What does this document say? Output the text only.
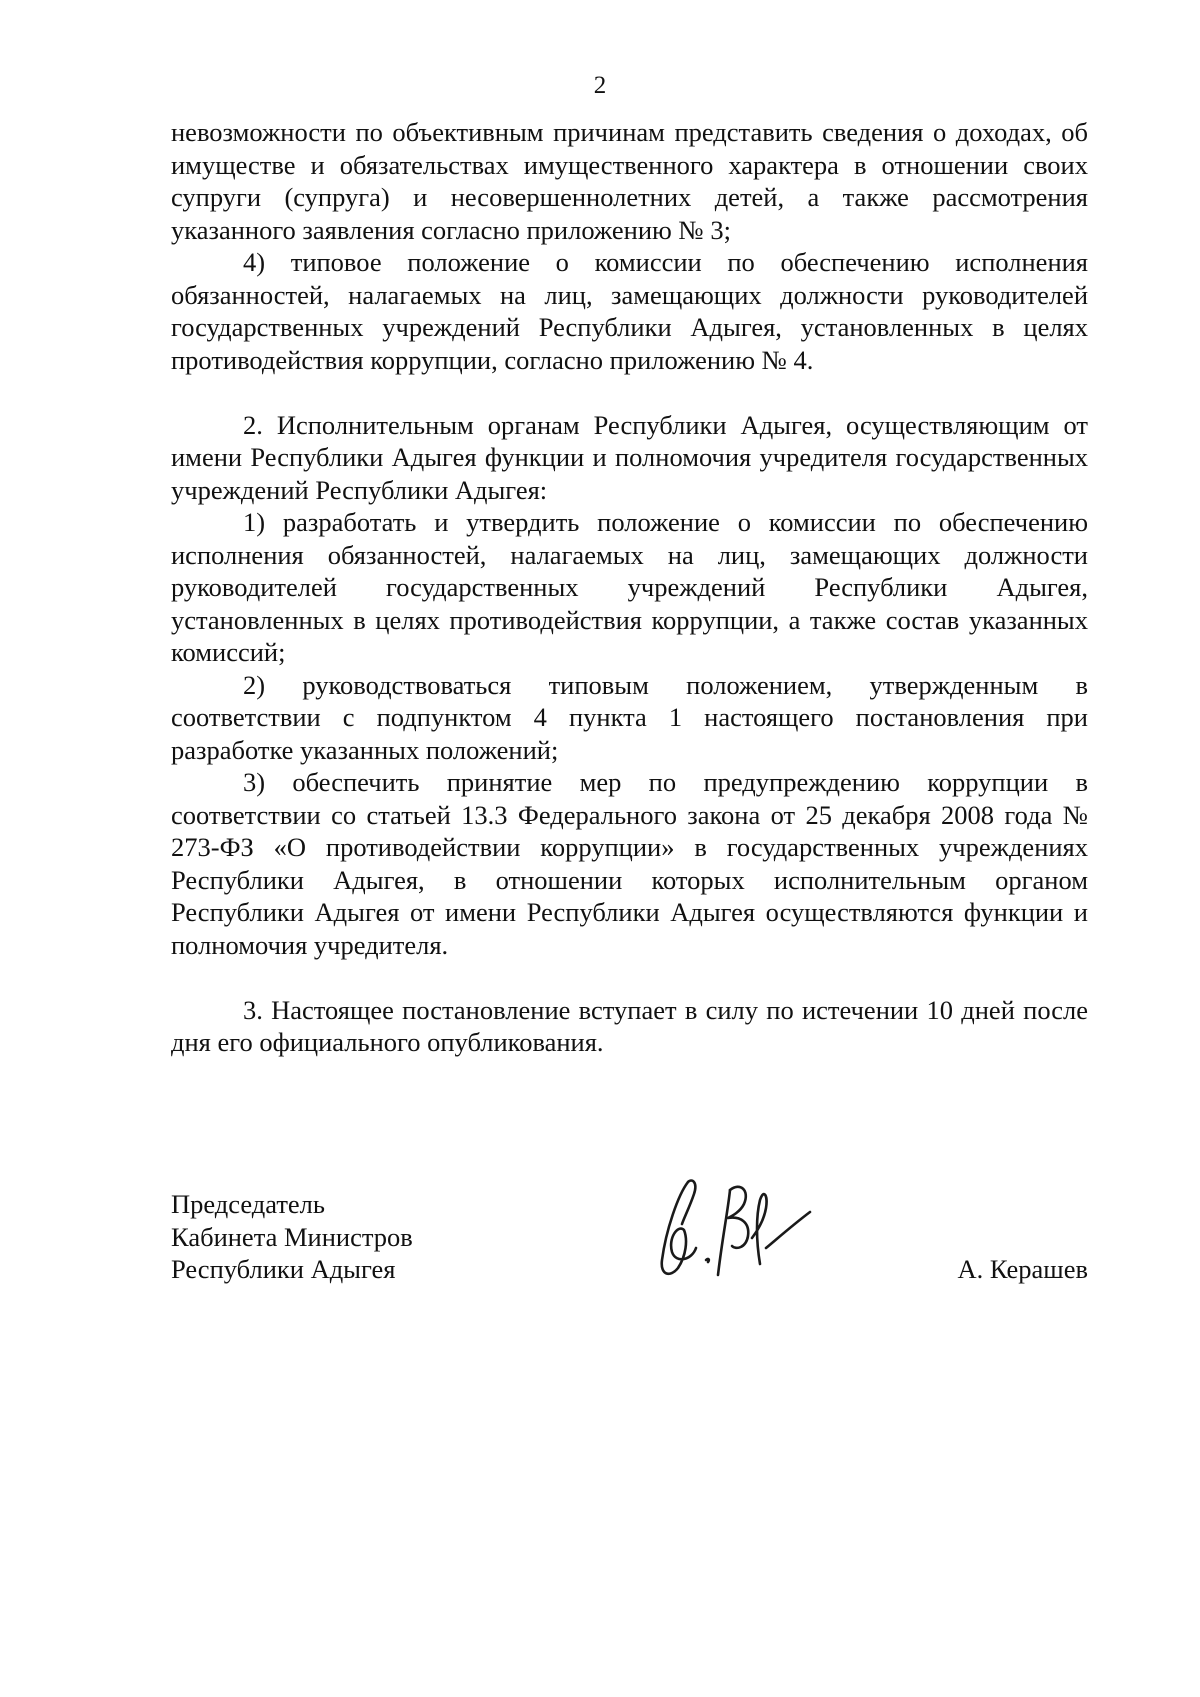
2

невозможности по объективным причинам представить сведения о доходах, об имуществе и обязательствах имущественного характера в отношении своих супруги (супруга) и несовершеннолетних детей, а также рассмотрения указанного заявления согласно приложению № 3;

4) типовое положение о комиссии по обеспечению исполнения обязанностей, налагаемых на лиц, замещающих должности руководителей государственных учреждений Республики Адыгея, установленных в целях противодействия коррупции, согласно приложению № 4.

2. Исполнительным органам Республики Адыгея, осуществляющим от имени Республики Адыгея функции и полномочия учредителя государственных учреждений Республики Адыгея:

1) разработать и утвердить положение о комиссии по обеспечению исполнения обязанностей, налагаемых на лиц, замещающих должности руководителей государственных учреждений Республики Адыгея, установленных в целях противодействия коррупции, а также состав указанных комиссий;

2) руководствоваться типовым положением, утвержденным в соответствии с подпунктом 4 пункта 1 настоящего постановления при разработке указанных положений;

3) обеспечить принятие мер по предупреждению коррупции в соответствии со статьей 13.3 Федерального закона от 25 декабря 2008 года № 273-ФЗ «О противодействии коррупции» в государственных учреждениях Республики Адыгея, в отношении которых исполнительным органом Республики Адыгея от имени Республики Адыгея осуществляются функции и полномочия учредителя.

3. Настоящее постановление вступает в силу по истечении 10 дней после дня его официального опубликования.

Председатель
Кабинета Министров
Республики Адыгея	А. Керашев
